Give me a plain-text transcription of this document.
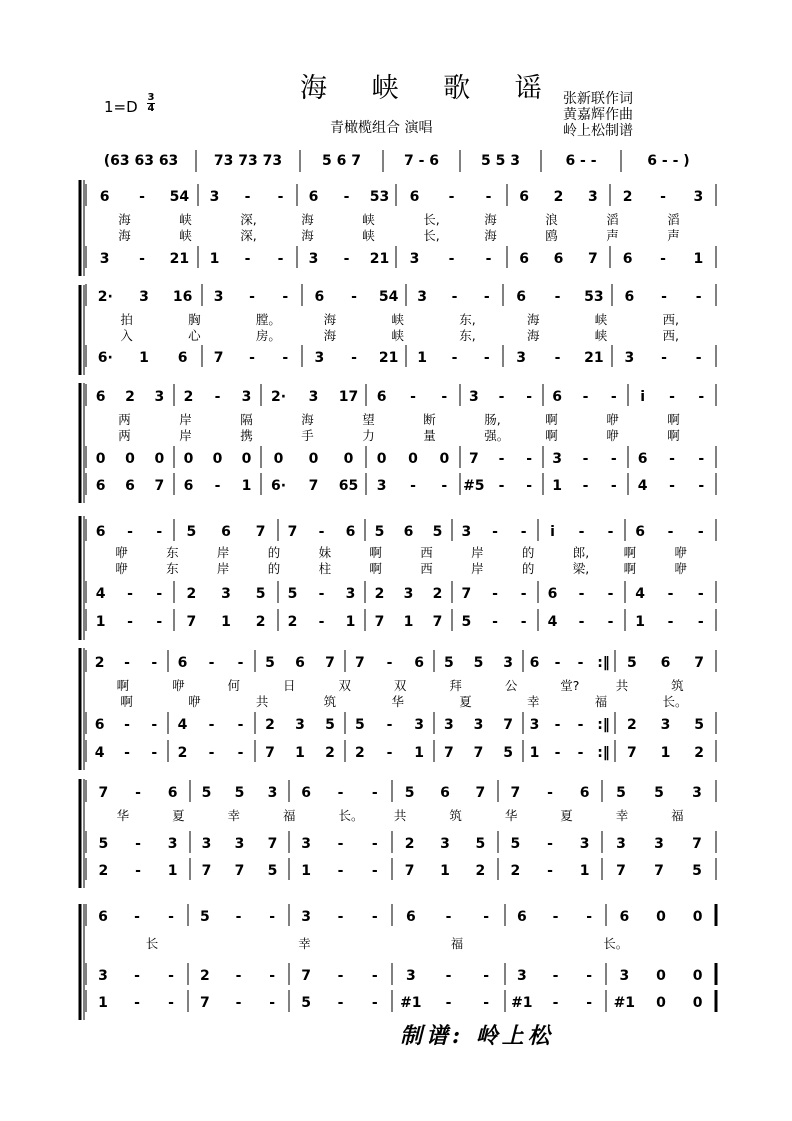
海 峡 歌 谣
1=D
3
4
青橄榄组合 演唱
张新联作词
黄嘉辉作曲
岭上松制谱
(63 63 63	73 73 73	5 6 7	7 - 6	5 5 3	6 - -	6 - - )
6 - 54 3 - - 6 - 53 6 - - 6 2 3 2 - 3
3 - 21 1 - - 3 - 21 3 - - 6 6 7 6 - 1
海	峡	深,	海	峡	长,	海	浪	滔	滔
海	峡	深,	海	峡	长,	海	鸥	声	声
2· 3 16 3 - - 6 - 54 3 - - 6 - 53 6 - -
6· 1 6 7 - - 3 - 21 1 - - 3 - 21 3 - -
拍	胸	膛。	海	峡	东,	海	峡	西,
入	心	房。	海	峡	东,	海	峡	西,
6 2 3 2 - 3 2· 3 17 6 - - 3 - - 6 - - i - -
0 0 0 0 0 0 0 0 0 0 0 0 7 - - 3 - - 6 - -
6 6 7 6 - 1 6· 7 65 3 - - #5 - - 1 - - 4 - -
两	岸	隔	海	望	断	肠,	啊	咿	啊
两	岸	携	手	力	量	强。	啊	咿	啊
6 - - 5 6 7 7 - 6 5 6 5 3 - - i - - 6 - -
4 - - 2 3 5 5 - 3 2 3 2 7 - - 6 - - 4 - -
1 - - 7 1 2 2 - 1 7 1 7 5 - - 4 - - 1 - -
咿	东	岸	的	妹	啊	西	岸	的	郎,	啊	咿
咿	东	岸	的	柱	啊	西	岸	的	梁,	啊	咿
2 - - 6 - - 5 6 7 7 - 6 5 5 3 6 - - :‖ 5 6 7
6 - - 4 - - 2 3 5 5 - 3 3 3 7 3 - - :‖ 2 3 5
4 - - 2 - - 7 1 2 2 - 1 7 7 5 1 - - :‖ 7 1 2
啊	咿	何	日	双	双	拜	公	堂?	共	筑
啊	咿	共	筑	华	夏	幸	福	长。
7 - 6 5 5 3 6 - - 5 6 7 7 - 6 5 5 3
5 - 3 3 3 7 3 - - 2 3 5 5 - 3 3 3 7
2 - 1 7 7 5 1 - - 7 1 2 2 - 1 7 7 5
华	夏	幸	福	长。 共	筑	华	夏	幸	福
6 - - 5 - - 3 - - 6 - - 6 - - 6 0 0
3 - - 2 - - 7 - - 3 - - 3 - - 3 0 0
1 - - 7 - - 5 - - #1 - - #1 - - #1 0 0
长	幸	福	长。
制谱: 岭上松
